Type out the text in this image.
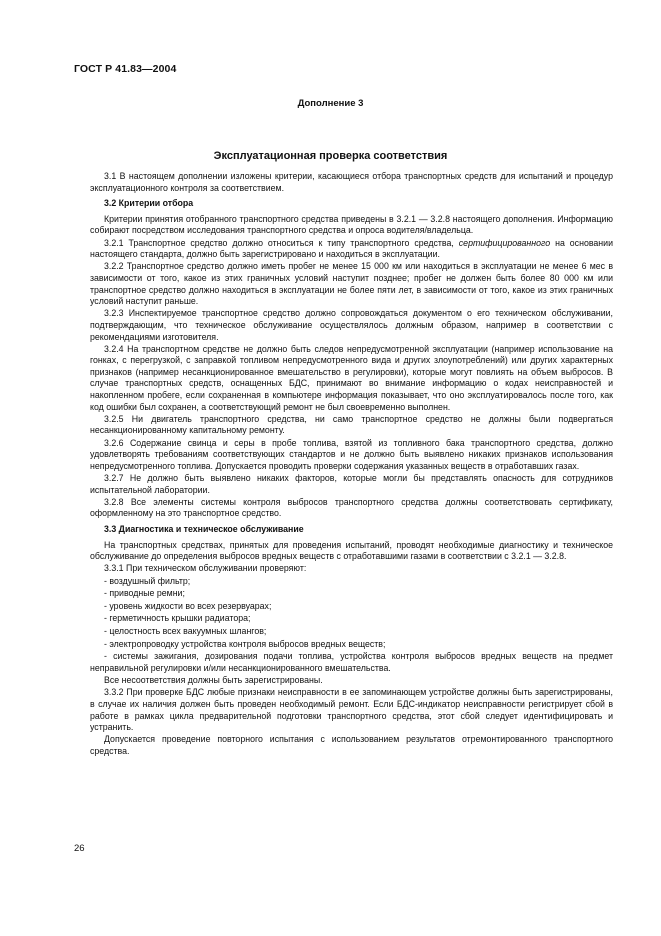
ГОСТ Р 41.83—2004
Дополнение 3
Эксплуатационная проверка соответствия

3.1 В настоящем дополнении изложены критерии, касающиеся отбора транспортных средств для испытаний и процедур эксплуатационного контроля за соответствием.

3.2 Критерии отбора

Критерии принятия отобранного транспортного средства приведены в 3.2.1 — 3.2.8 настоящего дополнения. Информацию собирают посредством исследования транспортного средства и опроса водителя/владельца.

3.2.1 Транспортное средство должно относиться к типу транспортного средства, сертифицированного на основании настоящего стандарта, должно быть зарегистрировано и находиться в эксплуатации.

3.2.2 Транспортное средство должно иметь пробег не менее 15 000 км или находиться в эксплуатации не менее 6 мес в зависимости от того, какое из этих граничных условий наступит позднее; пробег не должен быть более 80 000 км или транспортное средство должно находиться в эксплуатации не более пяти лет, в зависимости от того, какое из этих граничных условий наступит раньше.

3.2.3 Инспектируемое транспортное средство должно сопровождаться документом о его техническом обслуживании, подтверждающим, что техническое обслуживание осуществлялось должным образом, например в соответствии с рекомендациями изготовителя.

3.2.4 На транспортном средстве не должно быть следов непредусмотренной эксплуатации (например использование на гонках, с перегрузкой, с заправкой топливом непредусмотренного вида и других злоупотреблений) или других характерных признаков (например несанкционированное вмешательство в регулировки), которые могут повлиять на объем выбросов. В случае транспортных средств, оснащенных БДС, принимают во внимание информацию о кодах неисправностей и накопленном пробеге, если сохраненная в компьютере информация показывает, что оно эксплуатировалось после того, как код ошибки был сохранен, а соответствующий ремонт не был своевременно выполнен.

3.2.5 Ни двигатель транспортного средства, ни само транспортное средство не должны были подвергаться несанкционированному капитальному ремонту.

3.2.6 Содержание свинца и серы в пробе топлива, взятой из топливного бака транспортного средства, должно удовлетворять требованиям соответствующих стандартов и не должно быть выявлено никаких признаков использования непредусмотренного топлива. Допускается проводить проверки содержания указанных веществ в отработавших газах.

3.2.7 Не должно быть выявлено никаких факторов, которые могли бы представлять опасность для сотрудников испытательной лаборатории.

3.2.8 Все элементы системы контроля выбросов транспортного средства должны соответствовать сертификату, оформленному на это транспортное средство.

3.3 Диагностика и техническое обслуживание

На транспортных средствах, принятых для проведения испытаний, проводят необходимые диагностику и техническое обслуживание до определения выбросов вредных веществ с отработавшими газами в соответствии с 3.2.1 — 3.2.8.

3.3.1 При техническом обслуживании проверяют:

- воздушный фильтр;
- приводные ремни;
- уровень жидкости во всех резервуарах;
- герметичность крышки радиатора;
- целостность всех вакуумных шлангов;
- электропроводку устройства контроля выбросов вредных веществ;
- системы зажигания, дозирования подачи топлива, устройства контроля выбросов вредных веществ на предмет неправильной регулировки и/или несанкционированного вмешательства.

Все несоответствия должны быть зарегистрированы.

3.3.2 При проверке БДС любые признаки неисправности в ее запоминающем устройстве должны быть зарегистрированы, в случае их наличия должен быть проведен необходимый ремонт. Если БДС-индикатор неисправности регистрирует сбой в работе в рамках цикла предварительной подготовки транспортного средства, этот сбой следует идентифицировать и устранить.

Допускается проведение повторного испытания с использованием результатов отремонтированного транспортного средства.

26
